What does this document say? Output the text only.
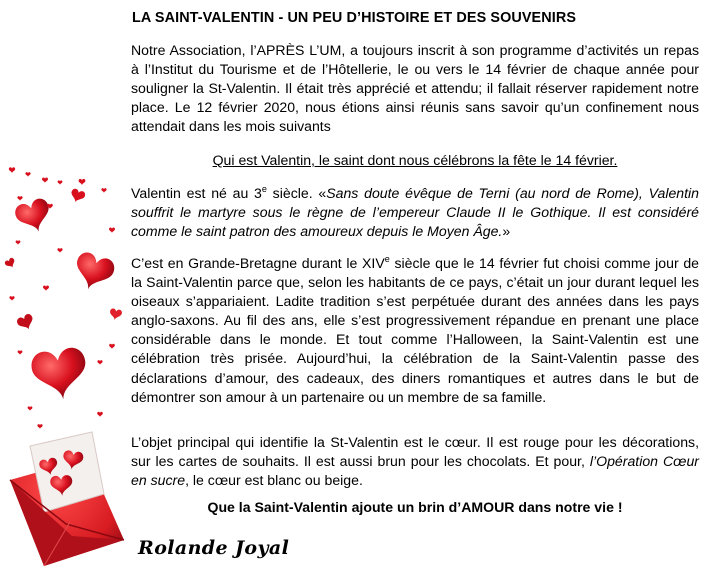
LA SAINT-VALENTIN - UN PEU D’HISTOIRE ET DES SOUVENIRS

Notre Association, l’APRÈS L’UM, a toujours inscrit à son programme d’activités un repas à l’Institut du Tourisme et de l’Hôtellerie, le ou vers le 14 février de chaque année pour souligner la St-Valentin. Il était très apprécié et attendu; il fallait réserver rapidement notre place. Le 12 février 2020, nous étions ainsi réunis sans savoir qu’un confinement nous attendait dans les mois suivants

Qui est Valentin, le saint dont nous célébrons la fête le 14 février.

Valentin est né au 3e siècle. «Sans doute évêque de Terni (au nord de Rome), Valentin souffrit le martyre sous le règne de l’empereur Claude II le Gothique. Il est considéré comme le saint patron des amoureux depuis le Moyen Âge.»

C’est en Grande-Bretagne durant le XIVe siècle que le 14 février fut choisi comme jour de la Saint-Valentin parce que, selon les habitants de ce pays, c’était un jour durant lequel les oiseaux s’appariaient. Ladite tradition s’est perpétuée durant des années dans les pays anglo-saxons. Au fil des ans, elle s’est progressivement répandue en prenant une place considérable dans le monde. Et tout comme l’Halloween, la Saint-Valentin est une célébration très prisée. Aujourd’hui, la célébration de la Saint-Valentin passe des déclarations d’amour, des cadeaux, des diners romantiques et autres dans le but de démontrer son amour à un partenaire ou un membre de sa famille.

L’objet principal qui identifie la St-Valentin est le cœur. Il est rouge pour les décorations, sur les cartes de souhaits. Il est aussi brun pour les chocolats. Et pour, l’Opération Cœur en sucre, le cœur est blanc ou beige.

Que la Saint-Valentin ajoute un brin d’AMOUR dans notre vie !

Rolande Joyal
